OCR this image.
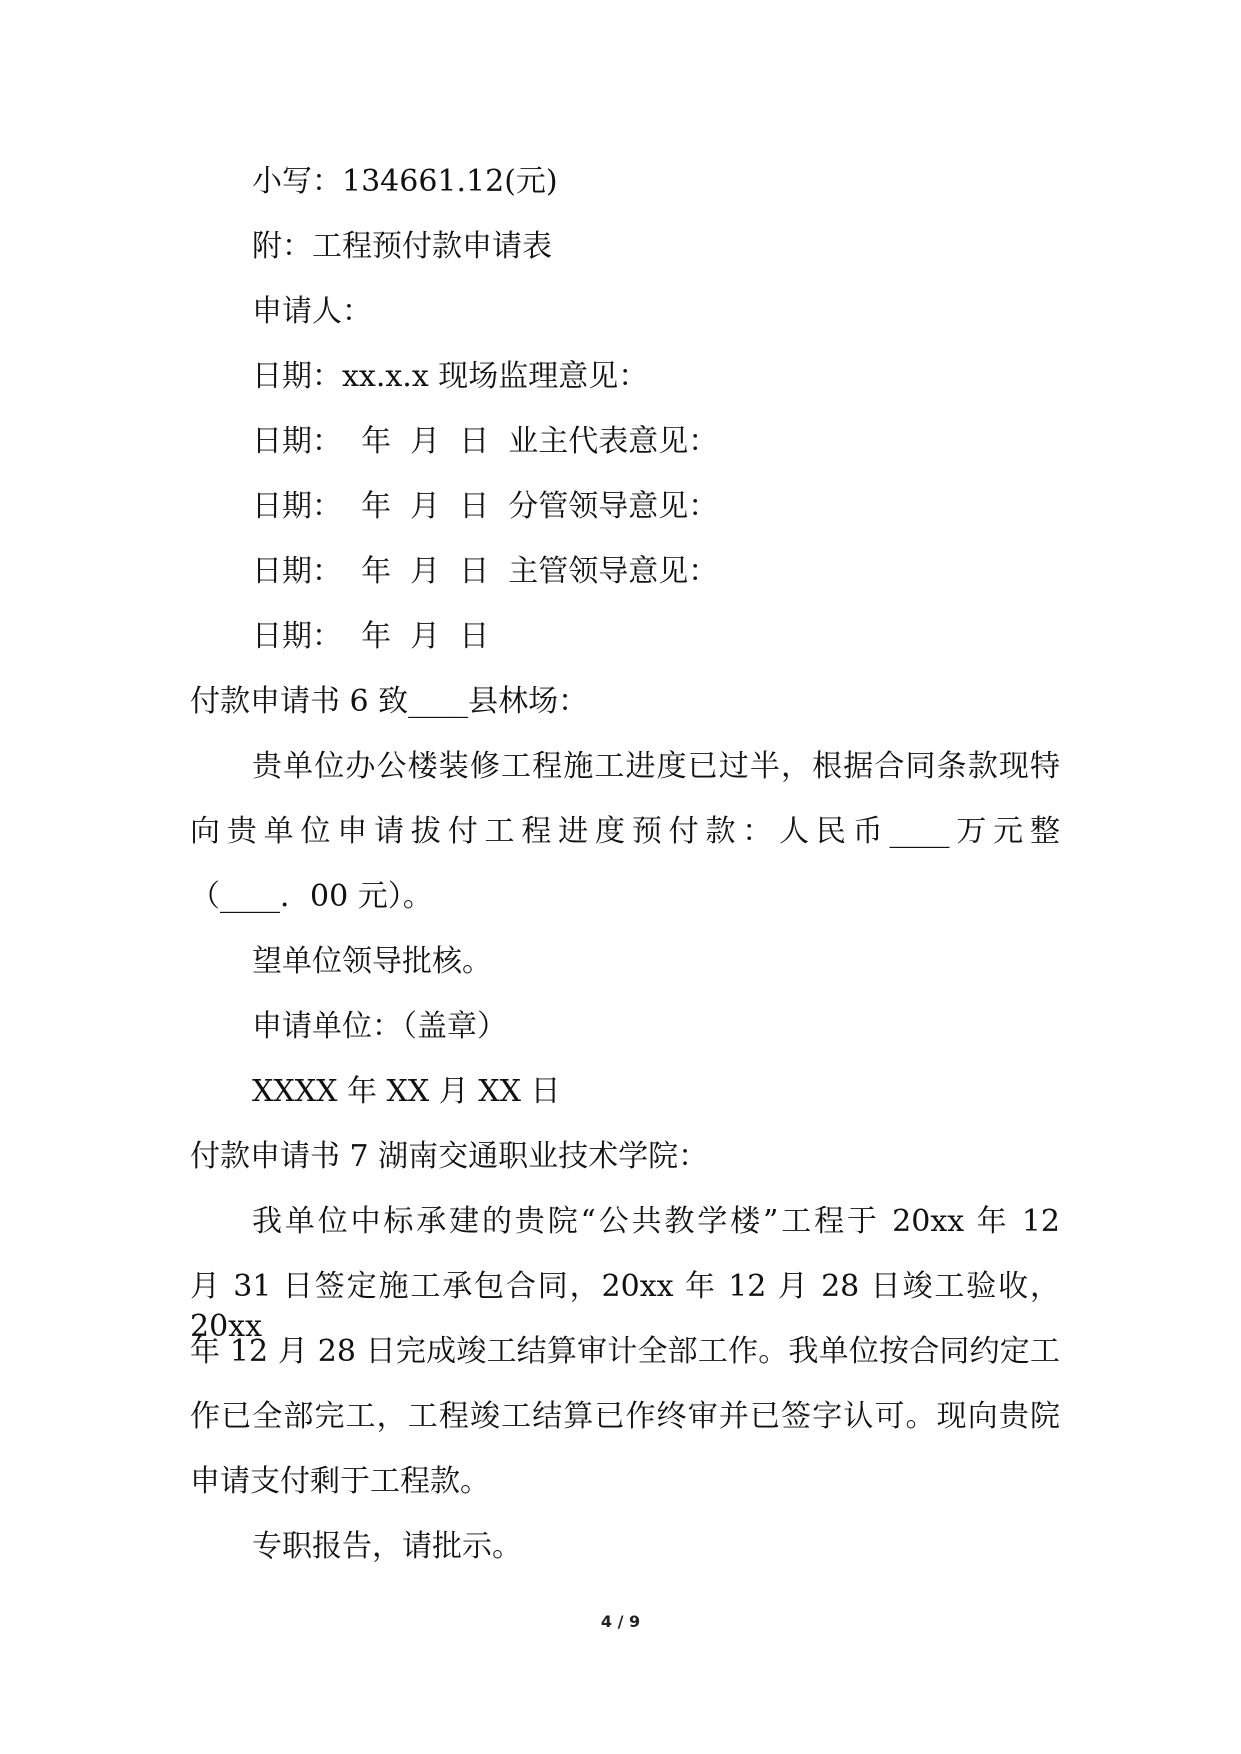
小写：134661.12(元)
附：工程预付款申请表
申请人：
日期：xx.x.x 现场监理意见：
日期：  年  月  日  业主代表意见：
日期：  年  月  日  分管领导意见：
日期：  年  月  日  主管领导意见：
日期：  年  月  日
付款申请书 6 致____县林场：
贵单位办公楼装修工程施工进度已过半，根据合同条款现特
向贵单位申请拔付工程进度预付款：人民币____万元整
（____．00 元）。
望单位领导批核。
申请单位：（盖章）
XXXX 年 XX 月 XX 日
付款申请书 7 湖南交通职业技术学院：
我单位中标承建的贵院“公共教学楼”工程于 20xx 年 12
月 31 日签定施工承包合同，20xx 年 12 月 28 日竣工验收，20xx
年 12 月 28 日完成竣工结算审计全部工作。我单位按合同约定工
作已全部完工，工程竣工结算已作终审并已签字认可。现向贵院
申请支付剩于工程款。
专职报告，请批示。
4 / 9
